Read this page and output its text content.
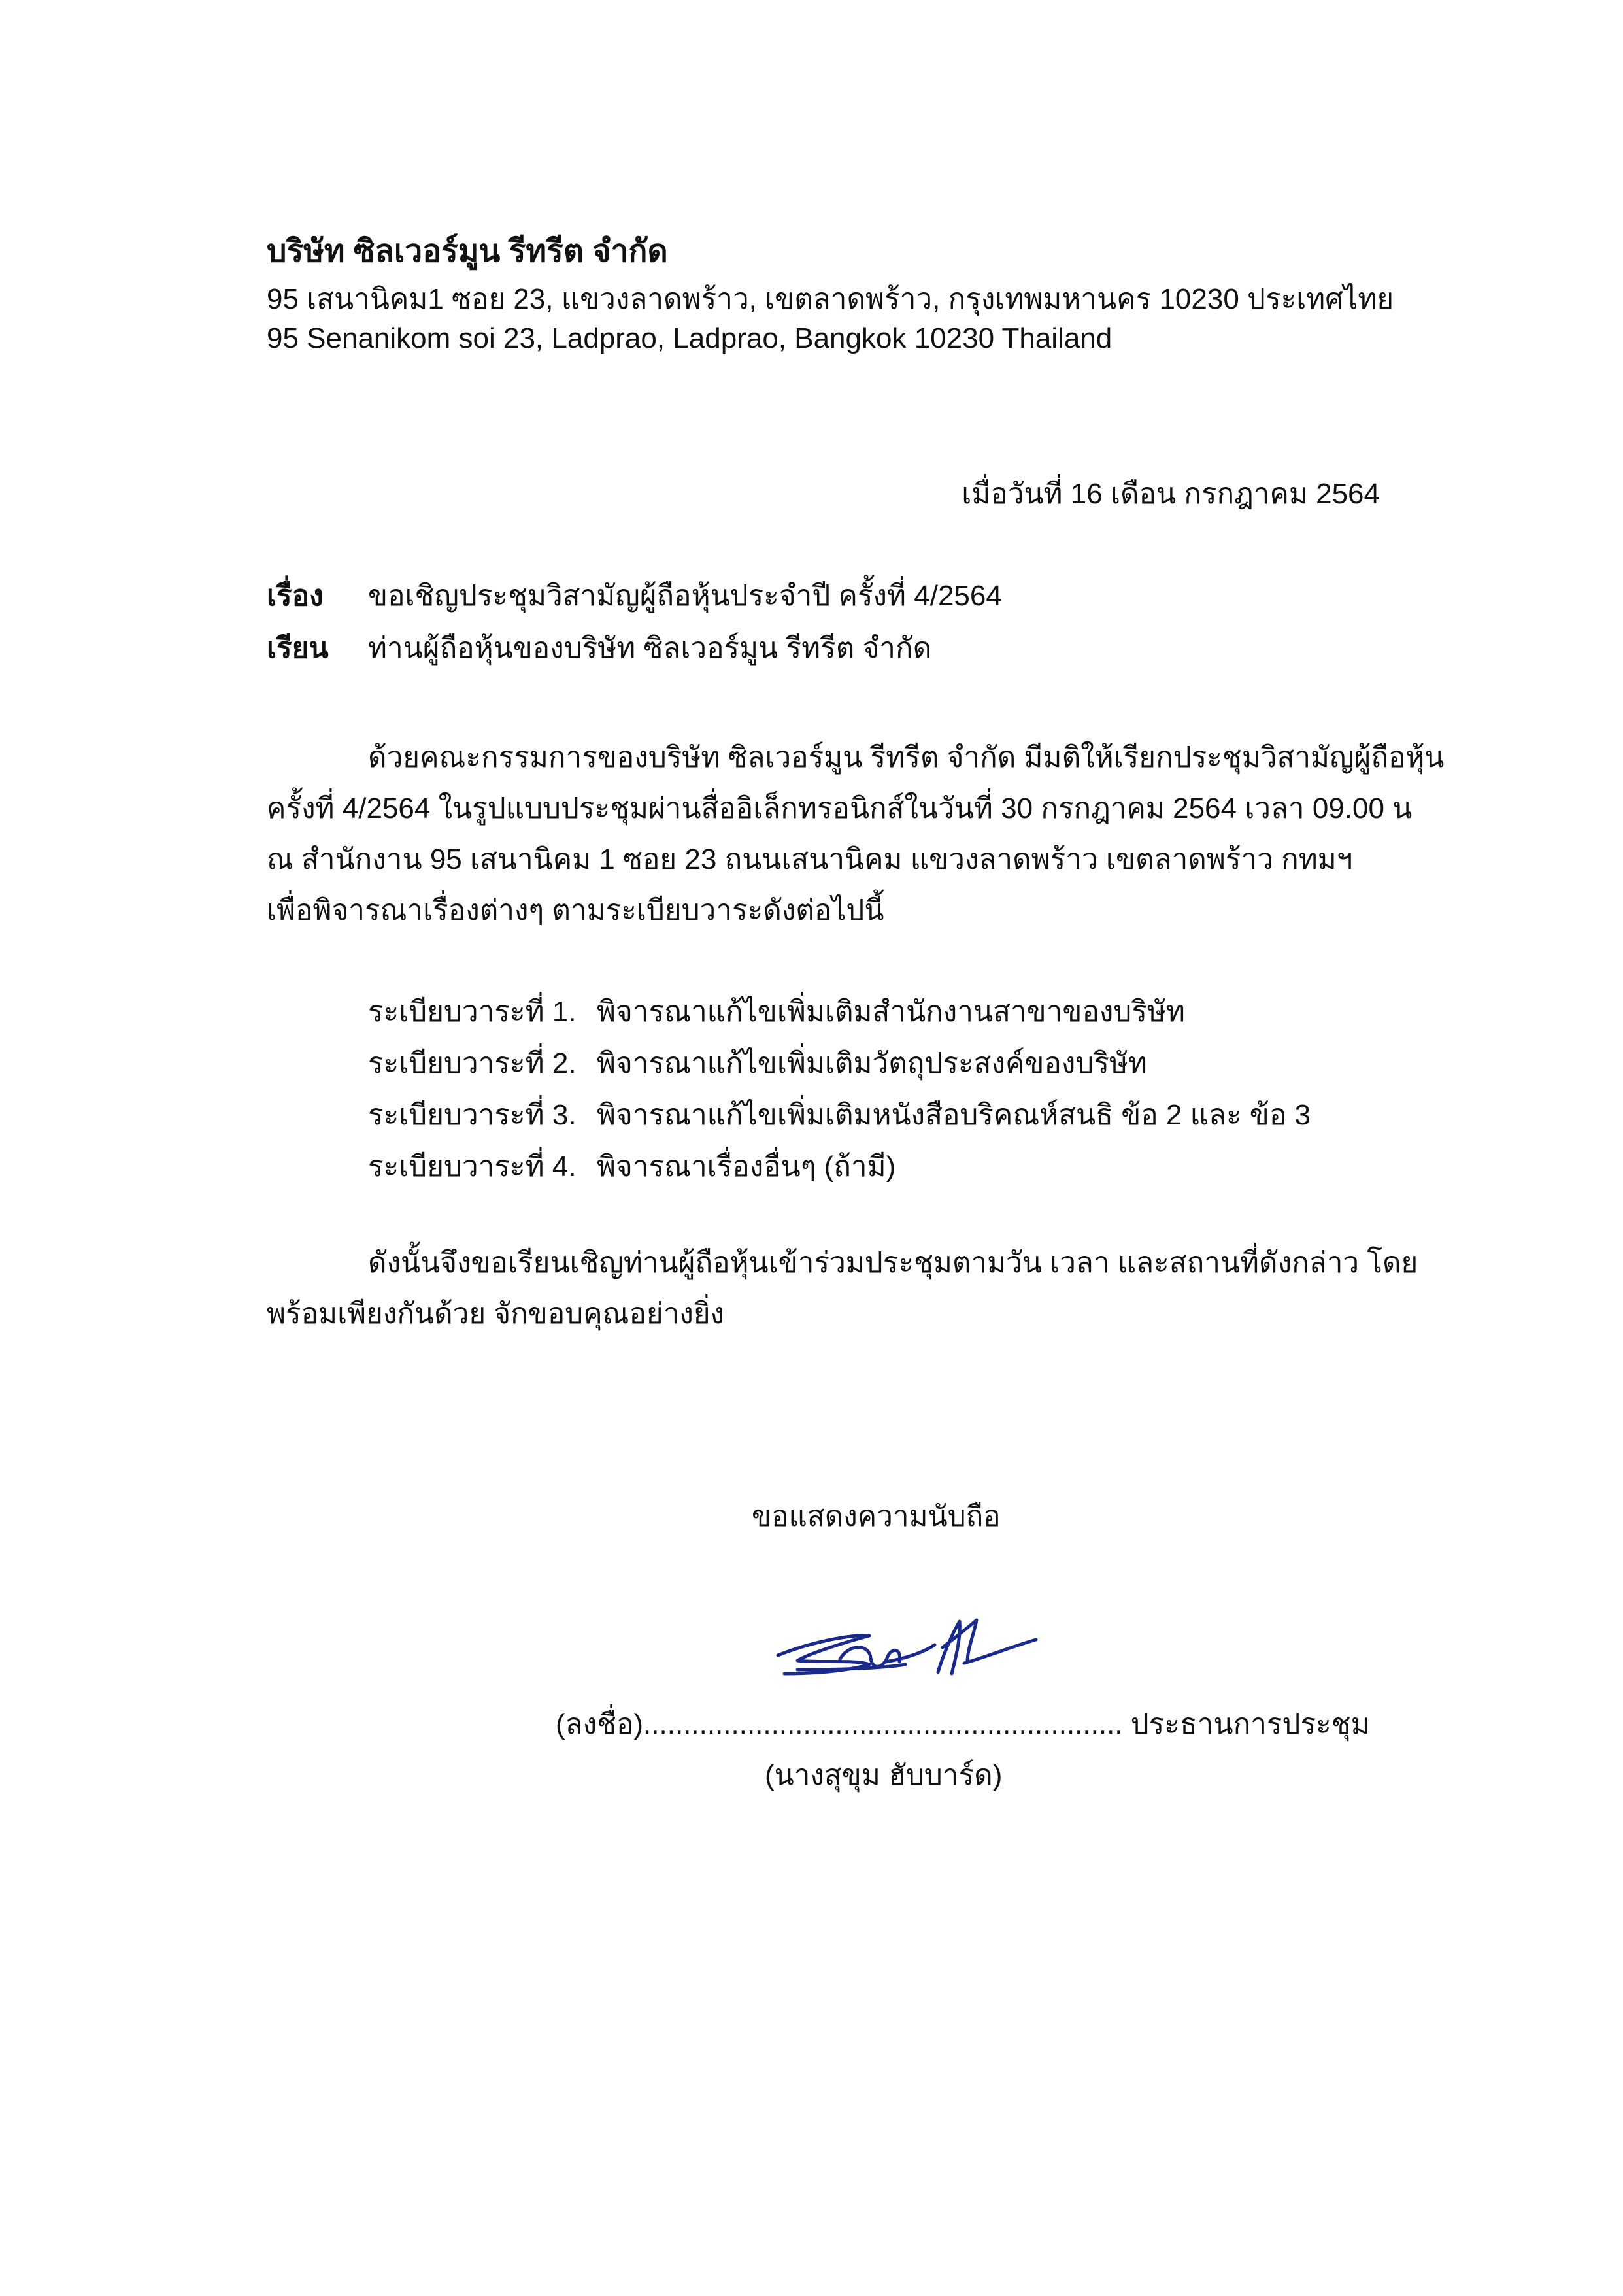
บริษัท ซิลเวอร์มูน รีทรีต จำกัด
95 เสนานิคม1 ซอย 23, แขวงลาดพร้าว, เขตลาดพร้าว, กรุงเทพมหานคร 10230 ประเทศไทย
95 Senanikom soi 23, Ladprao, Ladprao, Bangkok 10230 Thailand
เมื่อวันที่ 16 เดือน กรกฎาคม 2564
เรื่อง	ขอเชิญประชุมวิสามัญผู้ถือหุ้นประจำปี ครั้งที่ 4/2564
เรียน	ท่านผู้ถือหุ้นของบริษัท ซิลเวอร์มูน รีทรีต จำกัด
ด้วยคณะกรรมการของบริษัท ซิลเวอร์มูน รีทรีต จำกัด มีมติให้เรียกประชุมวิสามัญผู้ถือหุ้น
ครั้งที่ 4/2564 ในรูปแบบประชุมผ่านสื่ออิเล็กทรอนิกส์ในวันที่ 30 กรกฎาคม 2564 เวลา 09.00 น
ณ สำนักงาน 95 เสนานิคม 1 ซอย 23 ถนนเสนานิคม แขวงลาดพร้าว เขตลาดพร้าว กทมฯ
เพื่อพิจารณาเรื่องต่างๆ ตามระเบียบวาระดังต่อไปนี้
ระเบียบวาระที่ 1. พิจารณาแก้ไขเพิ่มเติมสำนักงานสาขาของบริษัท
ระเบียบวาระที่ 2. พิจารณาแก้ไขเพิ่มเติมวัตถุประสงค์ของบริษัท
ระเบียบวาระที่ 3. พิจารณาแก้ไขเพิ่มเติมหนังสือบริคณห์สนธิ ข้อ 2 และ ข้อ 3
ระเบียบวาระที่ 4. พิจารณาเรื่องอื่นๆ (ถ้ามี)
ดังนั้นจึงขอเรียนเชิญท่านผู้ถือหุ้นเข้าร่วมประชุมตามวัน เวลา และสถานที่ดังกล่าว โดย
พร้อมเพียงกันด้วย จักขอบคุณอย่างยิ่ง
ขอแสดงความนับถือ
(ลงชื่อ)............................................................ ประธานการประชุม
(นางสุขุม ฮับบาร์ด)
